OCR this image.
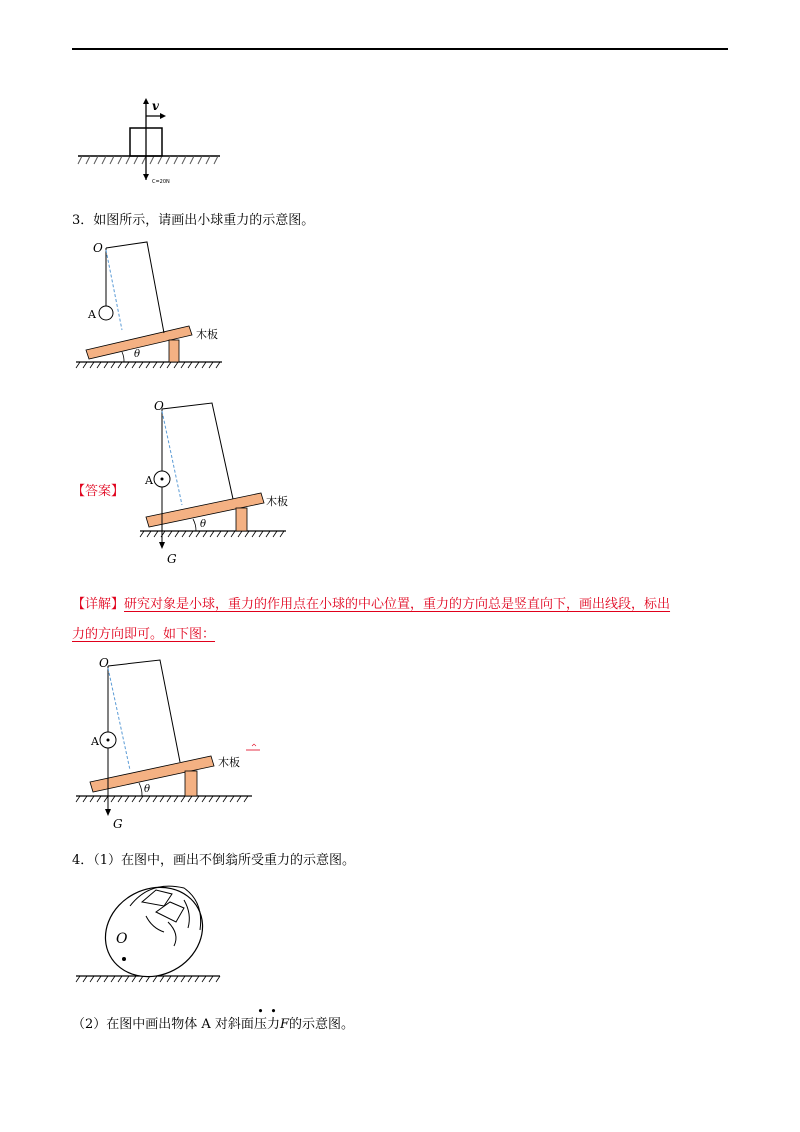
v
C=20N
3．如图所示，请画出小球重力的示意图。
O
A
木板
θ
【答案】
O
A
木板
θ
G
【详解】研究对象是小球，重力的作用点在小球的中心位置，重力的方向总是竖直向下，画出线段，标出
力的方向即可。如下图：
O
A
木板
θ
G
4．（1）在图中，画出不倒翁所受重力的示意图。
O
（2）在图中画出物体 A 对斜面
•
压
•
力F的示意图。
